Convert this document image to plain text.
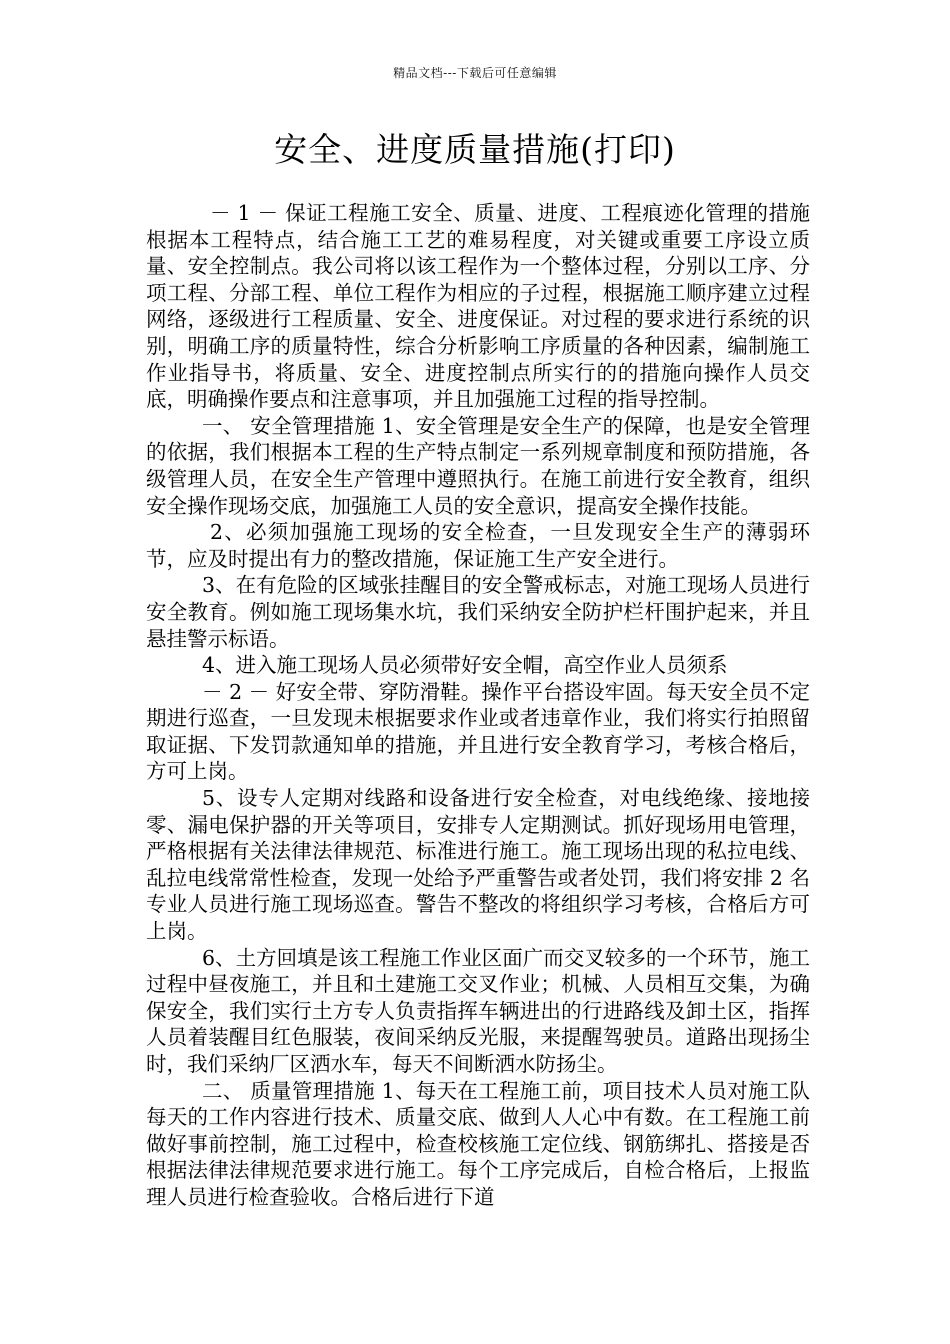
精品文档---下载后可任意编辑
安全、进度质量措施(打印)

－ 1 － 保证工程施工安全、质量、进度、工程痕迹化管理的措施 根据本工程特点，结合施工工艺的难易程度，对关键或重要工序设立质量、安全控制点。我公司将以该工程作为一个整体过程，分别以工序、分项工程、分部工程、单位工程作为相应的子过程，根据施工顺序建立过程网络，逐级进行工程质量、安全、进度保证。对过程的要求进行系统的识别，明确工序的质量特性，综合分析影响工序质量的各种因素，编制施工作业指导书，将质量、安全、进度控制点所实行的的措施向操作人员交底，明确操作要点和注意事项，并且加强施工过程的指导控制。

一、 安全管理措施 1、安全管理是安全生产的保障，也是安全管理的依据，我们根据本工程的生产特点制定一系列规章制度和预防措施，各级管理人员，在安全生产管理中遵照执行。在施工前进行安全教育，组织安全操作现场交底，加强施工人员的安全意识，提高安全操作技能。

2、必须加强施工现场的安全检查，一旦发现安全生产的薄弱环节，应及时提出有力的整改措施，保证施工生产安全进行。

3、在有危险的区域张挂醒目的安全警戒标志，对施工现场人员进行安全教育。例如施工现场集水坑，我们采纳安全防护栏杆围护起来，并且悬挂警示标语。

4、进入施工现场人员必须带好安全帽，高空作业人员须系

－ 2 － 好安全带、穿防滑鞋。操作平台搭设牢固。每天安全员不定期进行巡查，一旦发现未根据要求作业或者违章作业，我们将实行拍照留取证据、下发罚款通知单的措施，并且进行安全教育学习，考核合格后，方可上岗。

5、设专人定期对线路和设备进行安全检查，对电线绝缘、接地接零、漏电保护器的开关等项目，安排专人定期测试。抓好现场用电管理，严格根据有关法律法律规范、标准进行施工。施工现场出现的私拉电线、乱拉电线常常性检查，发现一处给予严重警告或者处罚，我们将安排 2 名专业人员进行施工现场巡查。警告不整改的将组织学习考核，合格后方可上岗。

6、土方回填是该工程施工作业区面广而交叉较多的一个环节，施工过程中昼夜施工，并且和土建施工交叉作业；机械、人员相互交集，为确保安全，我们实行土方专人负责指挥车辆进出的行进路线及卸土区，指挥人员着装醒目红色服装，夜间采纳反光服，来提醒驾驶员。道路出现扬尘时，我们采纳厂区洒水车，每天不间断洒水防扬尘。

二、 质量管理措施 1、每天在工程施工前，项目技术人员对施工队每天的工作内容进行技术、质量交底、做到人人心中有数。在工程施工前做好事前控制，施工过程中，检查校核施工定位线、钢筋绑扎、搭接是否根据法律法律规范要求进行施工。每个工序完成后，自检合格后，上报监理人员进行检查验收。合格后进行下道
